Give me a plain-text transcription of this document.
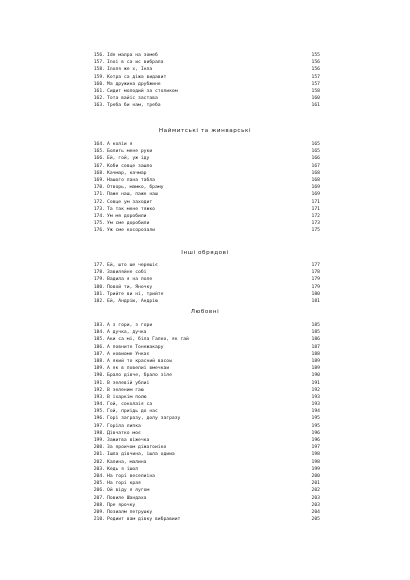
156. Ide малра на зомеб	155
157. Inoі в са ис вибрала	156
158. Inoля жe х, Iнла	156
159. Котра са діжа видавит	157
160. Ма дружина друбжине	157
161. Сидит молодий за столиком	158
162. Тота вайіс застава	160
163. Треба би нам, треба	161
Наймитські та жинварські
164. А колiи я	165
165. Болить мене руки	165
166. Ей, гой, уж іду	166
167. Коби совце зашло	167
168. Качмар, качмар	168
169. Нашого пана табла	168
170. Отворь, мамко, браму	169
171. Паже наш, паже наш	169
172. Совце ум заходит	171
173. Та так мене тяжко	171
174. Ум мя доробили	172
175. Ум сме доробили	173
176. Уж сме косорозали	175
Інші обрядові
177. Ей, што ше черешіє	177
178. Завиляйне собі	178
179. Вадила я на поле	179
180. Повой ти, Яночку	179
181. Трийте ви ні, трийте	180
182. Ей, Андрію, Андрію	181
Любовні
183. А з гори, з гори	185
184. А дучка, дучка	185
185. Аки са мі, біла Галко, як тай	186
186. А повните Тонежакару	187
187. А новиоме Ункає	188
188. А який то красний ваcow	189
189. А як в повелиі вмечкаи	189
190. Брало дівче, брало зiле	190
191. В зелевій ублиі	191
192. В зеленим гаю	192
193. В іхaркім полю	193
194. Гой, соколаiя са	193
195. Гой, приідь до нас	194
196. Горі загразу, долу загразу	195
197. Горіла липка	195
198. Дівчатко моє	196
199. Зажитва віжечка	196
200. За яроичом діжатоиіко	197
201. Ішла дівчина, ішла одииа	198
202. Калина, малина	198
203. Кедь я ішол	199
204. На горі веселиіна	200
205. На горі края	201
206. Ой віду я лугом	202
207. Повиле Шандаxa	203
208. Пре ярочку	203
209. Позиалм петрушку	204
210. Родиит вам дівку вибравиит	205
